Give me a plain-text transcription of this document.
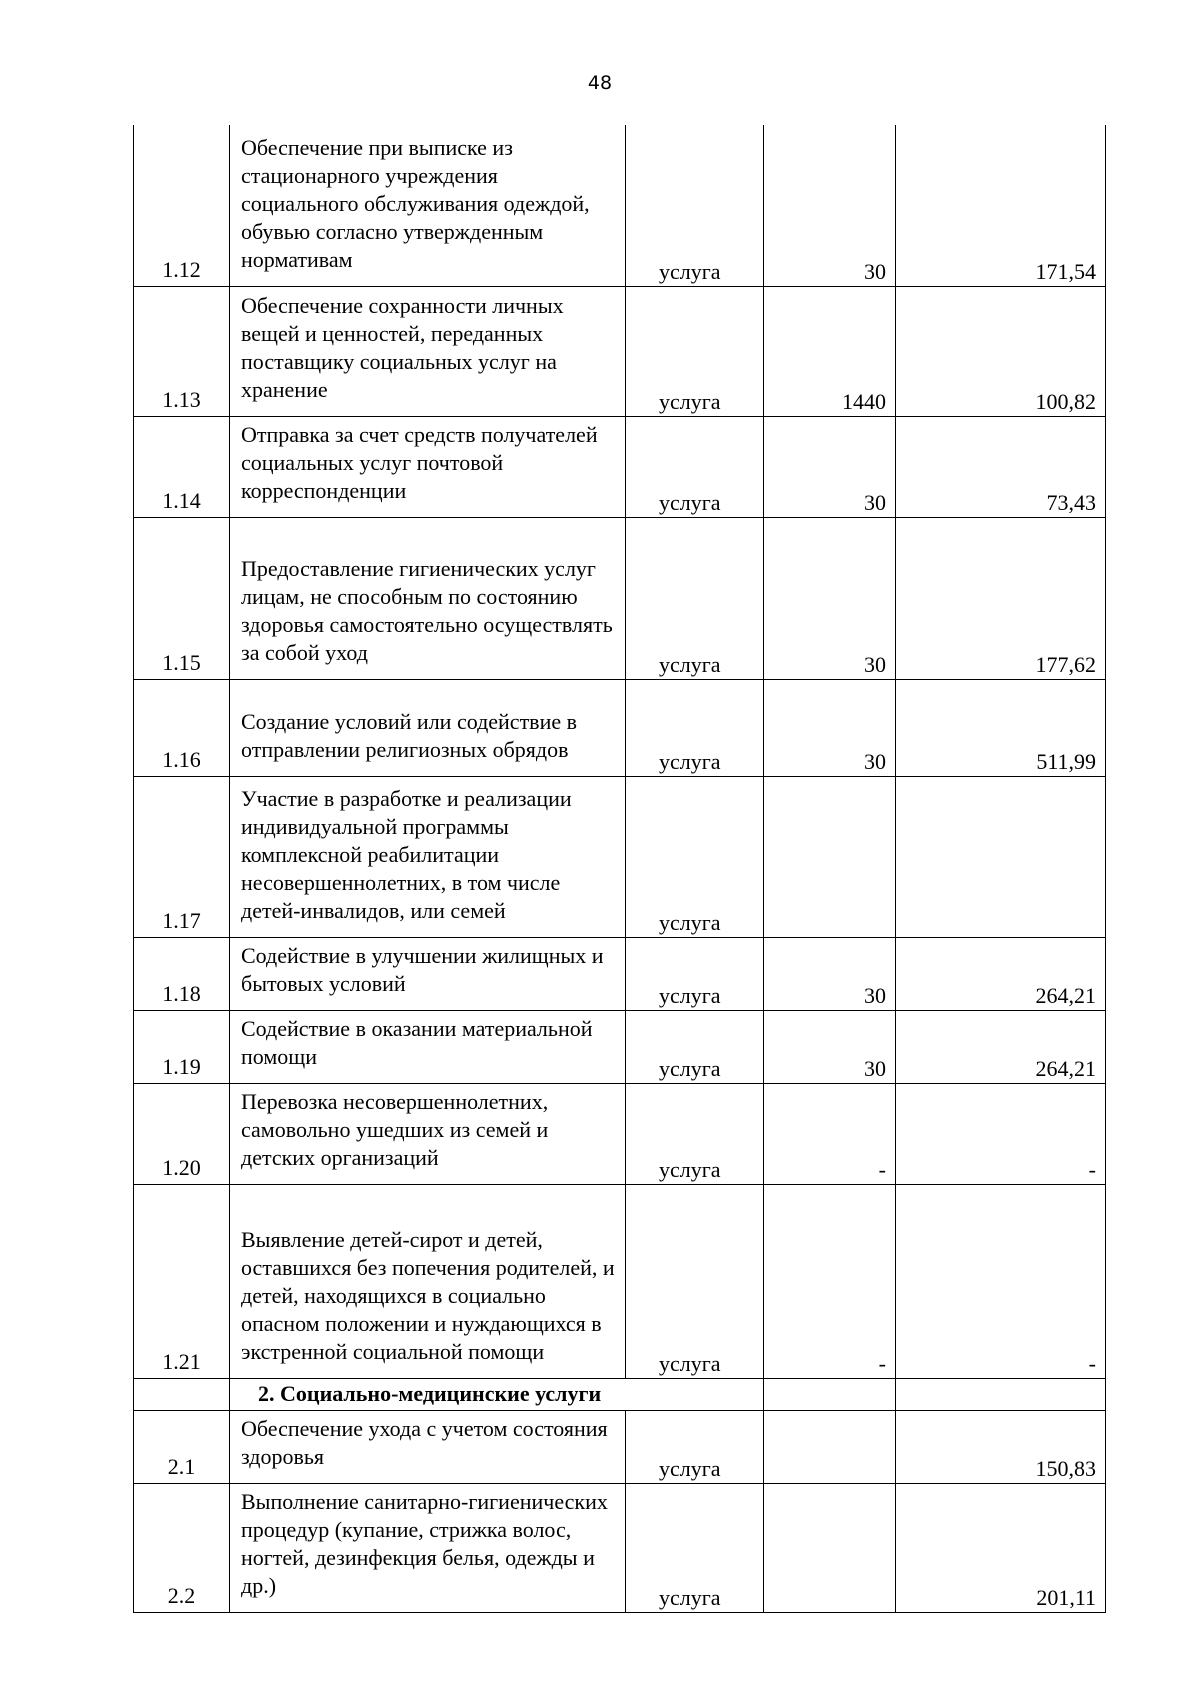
48
1.12	Обеспечение при выписке из стационарного учреждения социального обслуживания одеждой, обувью согласно утвержденным нормативам	услуга	30	171,54
1.13	Обеспечение сохранности личных вещей и ценностей, переданных поставщику социальных услуг на хранение	услуга	1440	100,82
1.14	Отправка за счет средств получателей социальных услуг почтовой корреспонденции	услуга	30	73,43
1.15	Предоставление гигиенических услуг лицам, не способным по состоянию здоровья самостоятельно осуществлять за собой уход	услуга	30	177,62
1.16	Создание условий или содействие в отправлении религиозных обрядов	услуга	30	511,99
1.17	Участие в разработке и реализации индивидуальной программы комплексной реабилитации несовершеннолетних, в том числе детей-инвалидов, или семей	услуга		
1.18	Содействие в улучшении жилищных и бытовых условий	услуга	30	264,21
1.19	Содействие в оказании материальной помощи	услуга	30	264,21
1.20	Перевозка несовершеннолетних, самовольно ушедших из семей и детских организаций	услуга	-	-
1.21	Выявление детей-сирот и детей, оставшихся без попечения родителей, и детей, находящихся в социально опасном положении и нуждающихся в экстренной социальной помощи	услуга	-	-
	2. Социально-медицинские услуги			
2.1	Обеспечение ухода с учетом состояния здоровья	услуга		150,83
2.2	Выполнение санитарно-гигиенических процедур (купание, стрижка волос, ногтей, дезинфекция белья, одежды и др.)	услуга		201,11
